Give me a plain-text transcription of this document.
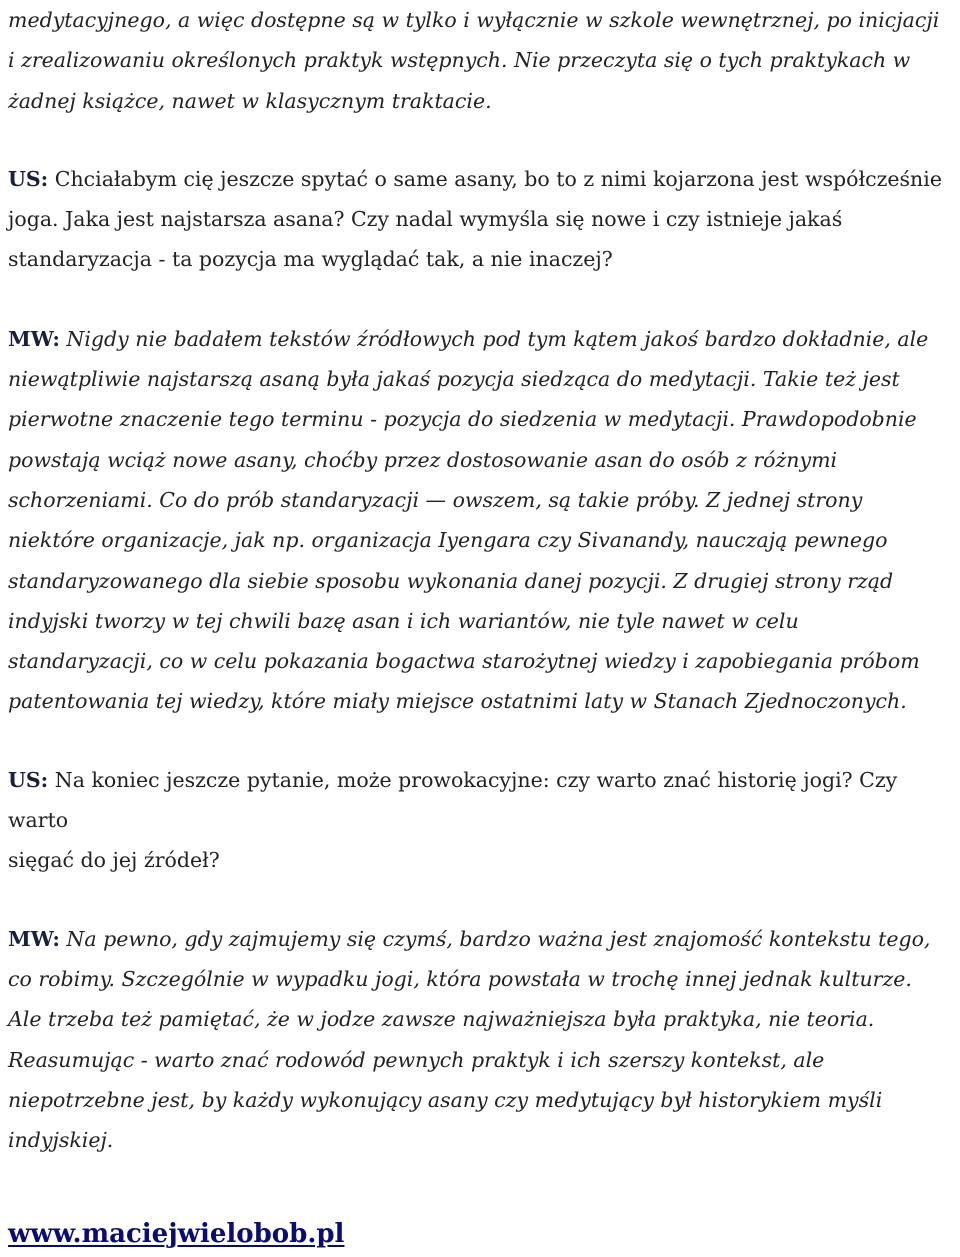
medytacyjnego, a więc dostępne są w tylko i wyłącznie w szkole wewnętrznej, po inicjacji
i zrealizowaniu określonych praktyk wstępnych. Nie przeczyta się o tych praktykach w
żadnej książce, nawet w klasycznym traktacie.
US: Chciałabym cię jeszcze spytać o same asany, bo to z nimi kojarzona jest współcześnie
joga. Jaka jest najstarsza asana? Czy nadal wymyśla się nowe i czy istnieje jakaś
standaryzacja - ta pozycja ma wyglądać tak, a nie inaczej?
MW: Nigdy nie badałem tekstów źródłowych pod tym kątem jakoś bardzo dokładnie, ale
niewątpliwie najstarszą asaną była jakaś pozycja siedząca do medytacji. Takie też jest
pierwotne znaczenie tego terminu - pozycja do siedzenia w medytacji. Prawdopodobnie
powstają wciąż nowe asany, choćby przez dostosowanie asan do osób z różnymi
schorzeniami. Co do prób standaryzacji — owszem, są takie próby. Z jednej strony
niektóre organizacje, jak np. organizacja Iyengara czy Sivanandy, nauczają pewnego
standaryzowanego dla siebie sposobu wykonania danej pozycji. Z drugiej strony rząd
indyjski tworzy w tej chwili bazę asan i ich wariantów, nie tyle nawet w celu
standaryzacji, co w celu pokazania bogactwa starożytnej wiedzy i zapobiegania próbom
patentowania tej wiedzy, które miały miejsce ostatnimi laty w Stanach Zjednoczonych.
US: Na koniec jeszcze pytanie, może prowokacyjne: czy warto znać historię jogi? Czy warto
sięgać do jej źródeł?
MW: Na pewno, gdy zajmujemy się czymś, bardzo ważna jest znajomość kontekstu tego,
co robimy. Szczególnie w wypadku jogi, która powstała w trochę innej jednak kulturze.
Ale trzeba też pamiętać, że w jodze zawsze najważniejsza była praktyka, nie teoria.
Reasumując - warto znać rodowód pewnych praktyk i ich szerszy kontekst, ale
niepotrzebne jest, by każdy wykonujący asany czy medytujący był historykiem myśli
indyjskiej.
www.maciejwielobob.pl
